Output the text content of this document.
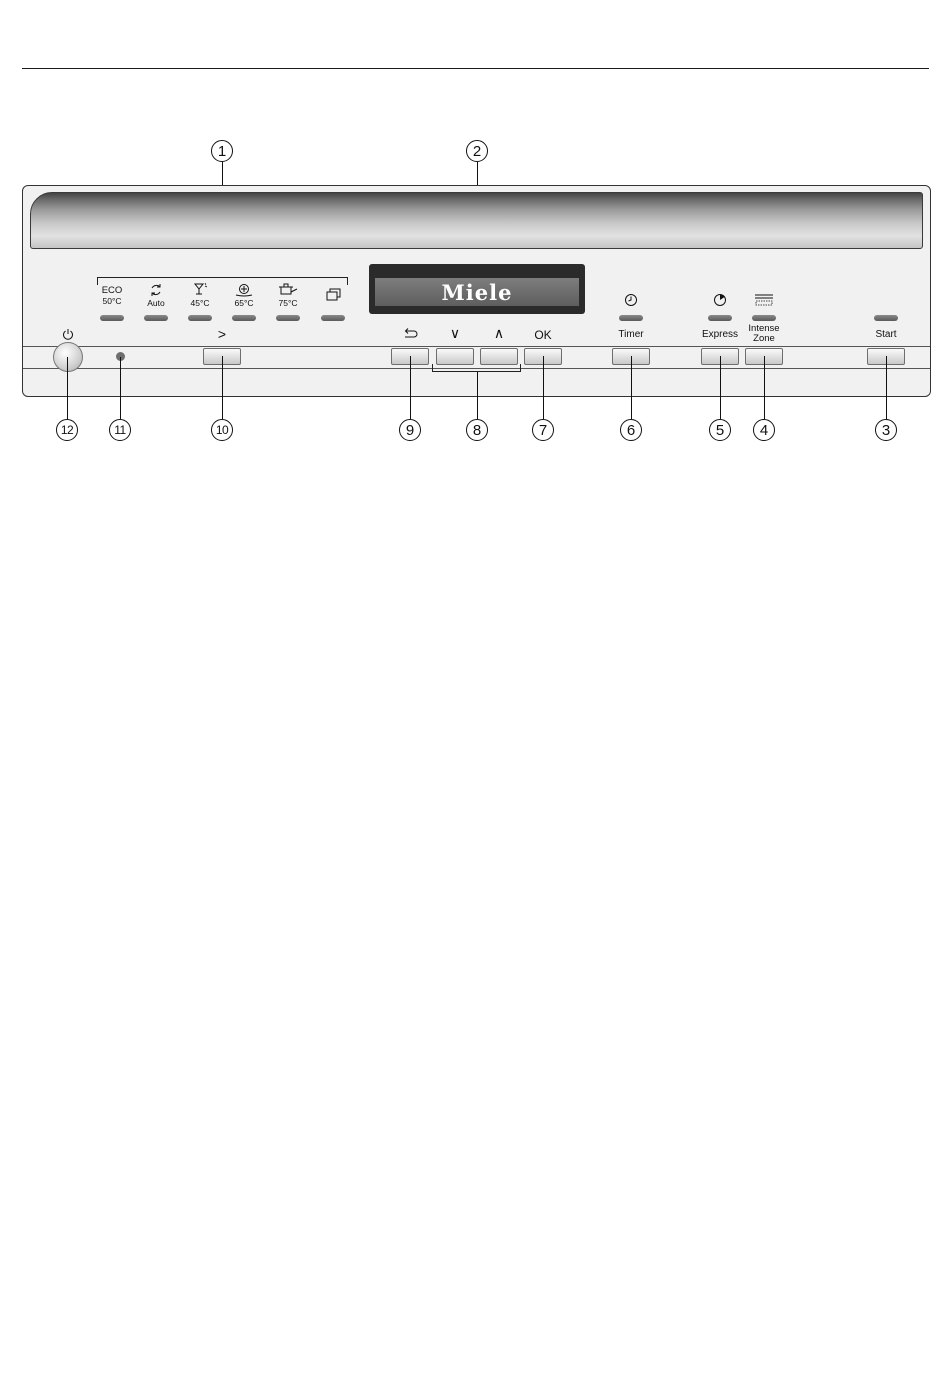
1	2
Miele
ECO
50°C	Auto	45°C	65°C	75°C
>	∨	∧	OK	Timer	Express
Intense Zone	Start
12	11	10	9	8	7	6	5	4	3
